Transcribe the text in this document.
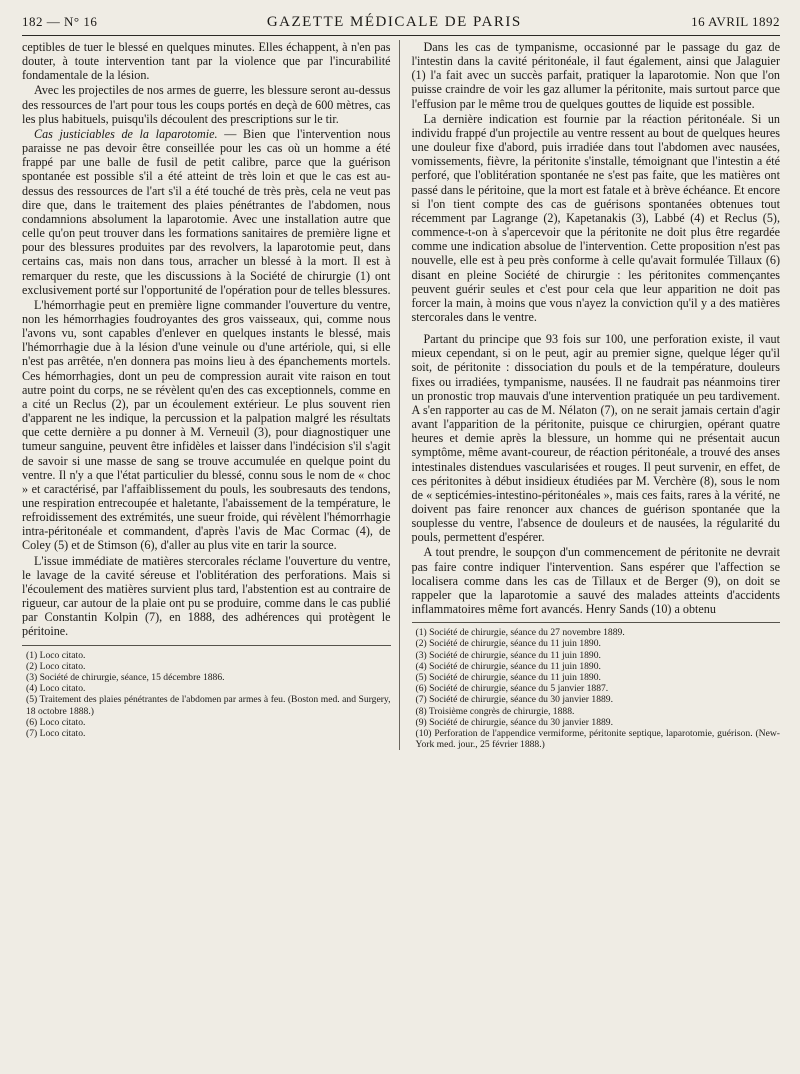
182 — N° 16	GAZETTE MÉDICALE DE PARIS	16 AVRIL 1892

ceptibles de tuer le blessé en quelques minutes. Elles échappent, à n'en pas douter, à toute intervention tant par la violence que par l'incurabilité fondamentale de la lésion.

Avec les projectiles de nos armes de guerre, les blessure seront au-dessus des ressources de l'art pour tous les coups portés en deçà de 600 mètres, cas les plus habituels, puisqu'ils découlent des prescriptions sur le tir.

Cas justiciables de la laparotomie. — Bien que l'intervention nous paraisse ne pas devoir être conseillée pour les cas où un homme a été frappé par une balle de fusil de petit calibre, parce que la guérison spontanée est possible s'il a été atteint de très loin et que le cas est au-dessus des ressources de l'art s'il a été touché de très près, cela ne veut pas dire que, dans le traitement des plaies pénétrantes de l'abdomen, nous condamnions absolument la laparotomie. Avec une installation autre que celle qu'on peut trouver dans les formations sanitaires de première ligne et pour des blessures produites par des revolvers, la laparotomie peut, dans certains cas, mais non dans tous, arracher un blessé à la mort. Il est à remarquer du reste, que les discussions à la Société de chirurgie (1) ont exclusivement porté sur l'opportunité de l'opération pour de telles blessures.

L'hémorrhagie peut en première ligne commander l'ouverture du ventre, non les hémorrhagies foudroyantes des gros vaisseaux, qui, comme nous l'avons vu, sont capables d'enlever en quelques instants le blessé, mais l'hémorrhagie due à la lésion d'une veinule ou d'une artériole, qui, si elle n'est pas arrêtée, n'en donnera pas moins lieu à des épanchements mortels. Ces hémorrhagies, dont un peu de compression aurait vite raison en tout autre point du corps, ne se révèlent qu'en des cas exceptionnels, comme en a cité un Reclus (2), par un écoulement extérieur. Le plus souvent rien d'apparent ne les indique, la percussion et la palpation malgré les résultats que cette dernière a pu donner à M. Verneuil (3), pour diagnostiquer une tumeur sanguine, peuvent être infidèles et laisser dans l'indécision s'il s'agit de savoir si une masse de sang se trouve accumulée en quelque point du ventre. Il n'y a que l'état particulier du blessé, connu sous le nom de « choc » et caractérisé, par l'affaiblissement du pouls, les soubresauts des tendons, une respiration entrecoupée et haletante, l'abaissement de la température, le refroidissement des extrémités, une sueur froide, qui révèlent l'hémorrhagie intra-péritonéale et commandent, d'après l'avis de Mac Cormac (4), de Coley (5) et de Stimson (6), d'aller au plus vite en tarir la source.

L'issue immédiate de matières stercorales réclame l'ouverture du ventre, le lavage de la cavité séreuse et l'oblitération des perforations. Mais si l'écoulement des matières survient plus tard, l'abstention est au contraire de rigueur, car autour de la plaie ont pu se produire, comme dans le cas publié par Constantin Kolpin (7), en 1888, des adhérences qui protègent le péritoine.

(1) Loco citato.
(2) Loco citato.
(3) Société de chirurgie, séance, 15 décembre 1886.
(4) Loco citato.
(5) Traitement des plaies pénétrantes de l'abdomen par armes à feu. (Boston med. and Surgery, 18 octobre 1888.)
(6) Loco citato.
(7) Loco citato.

Dans les cas de tympanisme, occasionné par le passage du gaz de l'intestin dans la cavité péritonéale, il faut également, ainsi que Jalaguier (1) l'a fait avec un succès parfait, pratiquer la laparotomie. Non que l'on puisse craindre de voir les gaz allumer la péritonite, mais surtout parce que l'effusion par le même trou de quelques gouttes de liquide est possible.

La dernière indication est fournie par la réaction péritonéale. Si un individu frappé d'un projectile au ventre ressent au bout de quelques heures une douleur fixe d'abord, puis irradiée dans tout l'abdomen avec nausées, vomissements, fièvre, la péritonite s'installe, témoignant que l'intestin a été perforé, que l'oblitération spontanée ne s'est pas faite, que les matières ont passé dans le péritoine, que la mort est fatale et à brève échéance. Et encore si l'on tient compte des cas de guérisons spontanées obtenues tout récemment par Lagrange (2), Kapetanakis (3), Labbé (4) et Reclus (5), commence-t-on à s'apercevoir que la péritonite ne doit plus être regardée comme une indication absolue de l'intervention. Cette proposition n'est pas nouvelle, elle est à peu près conforme à celle qu'avait formulée Tillaux (6) disant en pleine Société de chirurgie : les péritonites commençantes peuvent guérir seules et c'est pour cela que leur apparition ne doit pas forcer la main, à moins que vous n'ayez la conviction qu'il y a des matières stercorales dans le ventre.

Partant du principe que 93 fois sur 100, une perforation existe, il vaut mieux cependant, si on le peut, agir au premier signe, quelque léger qu'il soit, de péritonite : dissociation du pouls et de la température, douleurs fixes ou irradiées, tympanisme, nausées. Il ne faudrait pas néanmoins tirer un pronostic trop mauvais d'une intervention pratiquée un peu tardivement. A s'en rapporter au cas de M. Nélaton (7), on ne serait jamais certain d'agir avant l'apparition de la péritonite, puisque ce chirurgien, opérant quatre heures et demie après la blessure, un homme qui ne présentait aucun symptôme, même avant-coureur, de réaction péritonéale, a trouvé des anses intestinales distendues vascularisées et rouges. Il peut survenir, en effet, de ces péritonites à début insidieux étudiées par M. Verchère (8), sous le nom de « septicémies-intestino-péritonéales », mais ces faits, rares à la vérité, ne doivent pas faire renoncer aux chances de guérison spontanée que la souplesse du ventre, l'absence de douleurs et de nausées, la régularité du pouls, permettent d'espérer.

A tout prendre, le soupçon d'un commencement de péritonite ne devrait pas faire contre indiquer l'intervention. Sans espérer que l'affection se localisera comme dans les cas de Tillaux et de Berger (9), on doit se rappeler que la laparotomie a sauvé des malades atteints d'accidents inflammatoires même fort avancés. Henry Sands (10) a obtenu

(1) Société de chirurgie, séance du 27 novembre 1889.
(2) Société de chirurgie, séance du 11 juin 1890.
(3) Société de chirurgie, séance du 11 juin 1890.
(4) Société de chirurgie, séance du 11 juin 1890.
(5) Société de chirurgie, séance du 11 juin 1890.
(6) Société de chirurgie, séance du 5 janvier 1887.
(7) Société de chirurgie, séance du 30 janvier 1889.
(8) Troisième congrès de chirurgie, 1888.
(9) Société de chirurgie, séance du 30 janvier 1889.
(10) Perforation de l'appendice vermiforme, péritonite septique, laparotomie, guérison. (New-York med. jour., 25 février 1888.)
